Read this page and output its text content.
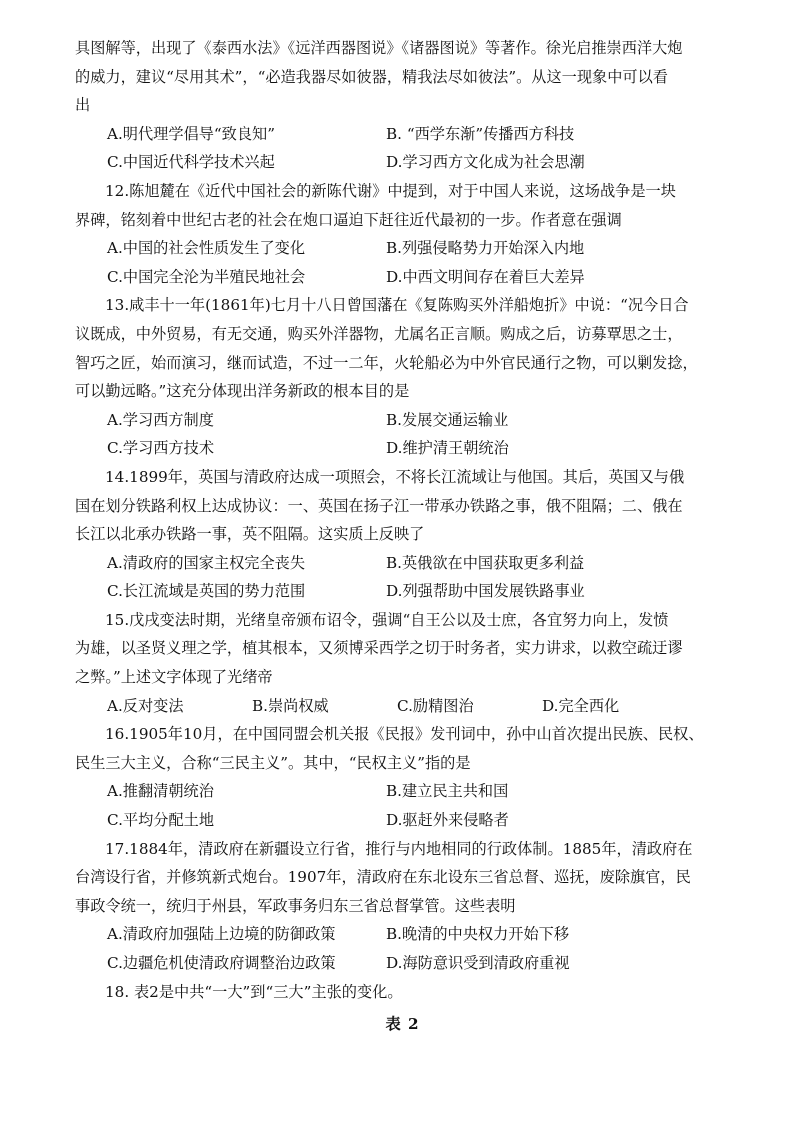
具图解等，出现了《泰西水法》《远洋西器图说》《诸器图说》等著作。徐光启推崇西洋大炮
的威力，建议“尽用其术”，“必造我器尽如彼器，精我法尽如彼法”。从这一现象中可以看
出
A.明代理学倡导“致良知”	B. “西学东渐”传播西方科技
C.中国近代科学技术兴起	D.学习西方文化成为社会思潮
12.陈旭麓在《近代中国社会的新陈代谢》中提到，对于中国人来说，这场战争是一块
界碑，铭刻着中世纪古老的社会在炮口逼迫下赶往近代最初的一步。作者意在强调
A.中国的社会性质发生了变化	B.列强侵略势力开始深入内地
C.中国完全沦为半殖民地社会	D.中西文明间存在着巨大差异
13.咸丰十一年(1861年)七月十八日曾国藩在《复陈购买外洋船炮折》中说：“况今日合
议既成，中外贸易，有无交通，购买外洋器物，尤属名正言顺。购成之后，访募覃思之士，
智巧之匠，始而演习，继而试造，不过一二年，火轮船必为中外官民通行之物，可以剿发捻，
可以勤远略。”这充分体现出洋务新政的根本目的是
A.学习西方制度	B.发展交通运输业
C.学习西方技术	D.维护清王朝统治
14.1899年，英国与清政府达成一项照会，不将长江流域让与他国。其后，英国又与俄
国在划分铁路利权上达成协议：一、英国在扬子江一带承办铁路之事，俄不阻隔；二、俄在
长江以北承办铁路一事，英不阻隔。这实质上反映了
A.清政府的国家主权完全丧失	B.英俄欲在中国获取更多利益
C.长江流域是英国的势力范围	D.列强帮助中国发展铁路事业
15.戊戌变法时期，光绪皇帝颁布诏令，强调“自王公以及士庶，各宜努力向上，发愤
为雄，以圣贤义理之学，植其根本，又须博采西学之切于时务者，实力讲求，以救空疏迂谬
之弊。”上述文字体现了光绪帝
A.反对变法	B.崇尚权威	C.励精图治	D.完全西化
16.1905年10月，在中国同盟会机关报《民报》发刊词中，孙中山首次提出民族、民权、
民生三大主义，合称“三民主义”。其中，“民权主义”指的是
A.推翻清朝统治	B.建立民主共和国
C.平均分配土地	D.驱赶外来侵略者
17.1884年，清政府在新疆设立行省，推行与内地相同的行政体制。1885年，清政府在
台湾设行省，并修筑新式炮台。1907年，清政府在东北设东三省总督、巡抚，废除旗官，民
事政令统一，统归于州县，军政事务归东三省总督掌管。这些表明
A.清政府加强陆上边境的防御政策	B.晚清的中央权力开始下移
C.边疆危机使清政府调整治边政策	D.海防意识受到清政府重视
18. 表2是中共“一大”到“三大”主张的变化。
表 2
